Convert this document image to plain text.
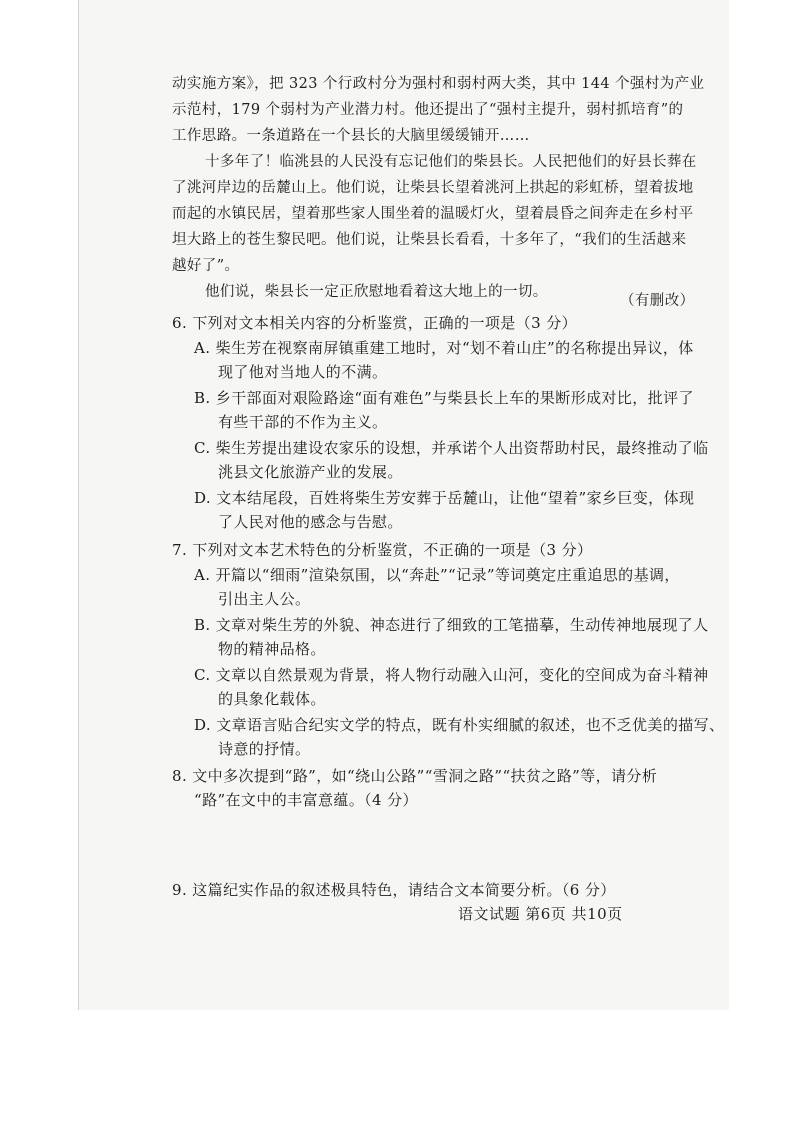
动实施方案》，把 323 个行政村分为强村和弱村两大类，其中 144 个强村为产业

示范村，179 个弱村为产业潜力村。他还提出了“强村主提升，弱村抓培育”的

工作思路。一条道路在一个县长的大脑里缓缓铺开……

十多年了！临洮县的人民没有忘记他们的柴县长。人民把他们的好县长葬在

了洮河岸边的岳麓山上。他们说，让柴县长望着洮河上拱起的彩虹桥，望着拔地

而起的水镇民居，望着那些家人围坐着的温暖灯火，望着晨昏之间奔走在乡村平

坦大路上的苍生黎民吧。他们说，让柴县长看看，十多年了，“我们的生活越来

越好了”。

他们说，柴县长一定正欣慰地看着这大地上的一切。

（有删改）

6. 下列对文本相关内容的分析鉴赏，正确的一项是（3 分）

A. 柴生芳在视察南屏镇重建工地时，对“划不着山庄”的名称提出异议，体

现了他对当地人的不满。

B. 乡干部面对艰险路途“面有难色”与柴县长上车的果断形成对比，批评了

有些干部的不作为主义。

C. 柴生芳提出建设农家乐的设想，并承诺个人出资帮助村民，最终推动了临

洮县文化旅游产业的发展。

D. 文本结尾段，百姓将柴生芳安葬于岳麓山，让他“望着”家乡巨变，体现

了人民对他的感念与告慰。

7. 下列对文本艺术特色的分析鉴赏，不正确的一项是（3 分）

A. 开篇以“细雨”渲染氛围，以“奔赴”“记录”等词奠定庄重追思的基调，

引出主人公。

B. 文章对柴生芳的外貌、神态进行了细致的工笔描摹，生动传神地展现了人

物的精神品格。

C. 文章以自然景观为背景，将人物行动融入山河，变化的空间成为奋斗精神

的具象化载体。

D. 文章语言贴合纪实文学的特点，既有朴实细腻的叙述，也不乏优美的描写、

诗意的抒情。

8. 文中多次提到“路”，如“绕山公路”“雪洞之路”“扶贫之路”等，请分析

“路”在文中的丰富意蕴。（4 分）

9. 这篇纪实作品的叙述极具特色，请结合文本简要分析。（6 分）

语文试题 第6页 共10页
